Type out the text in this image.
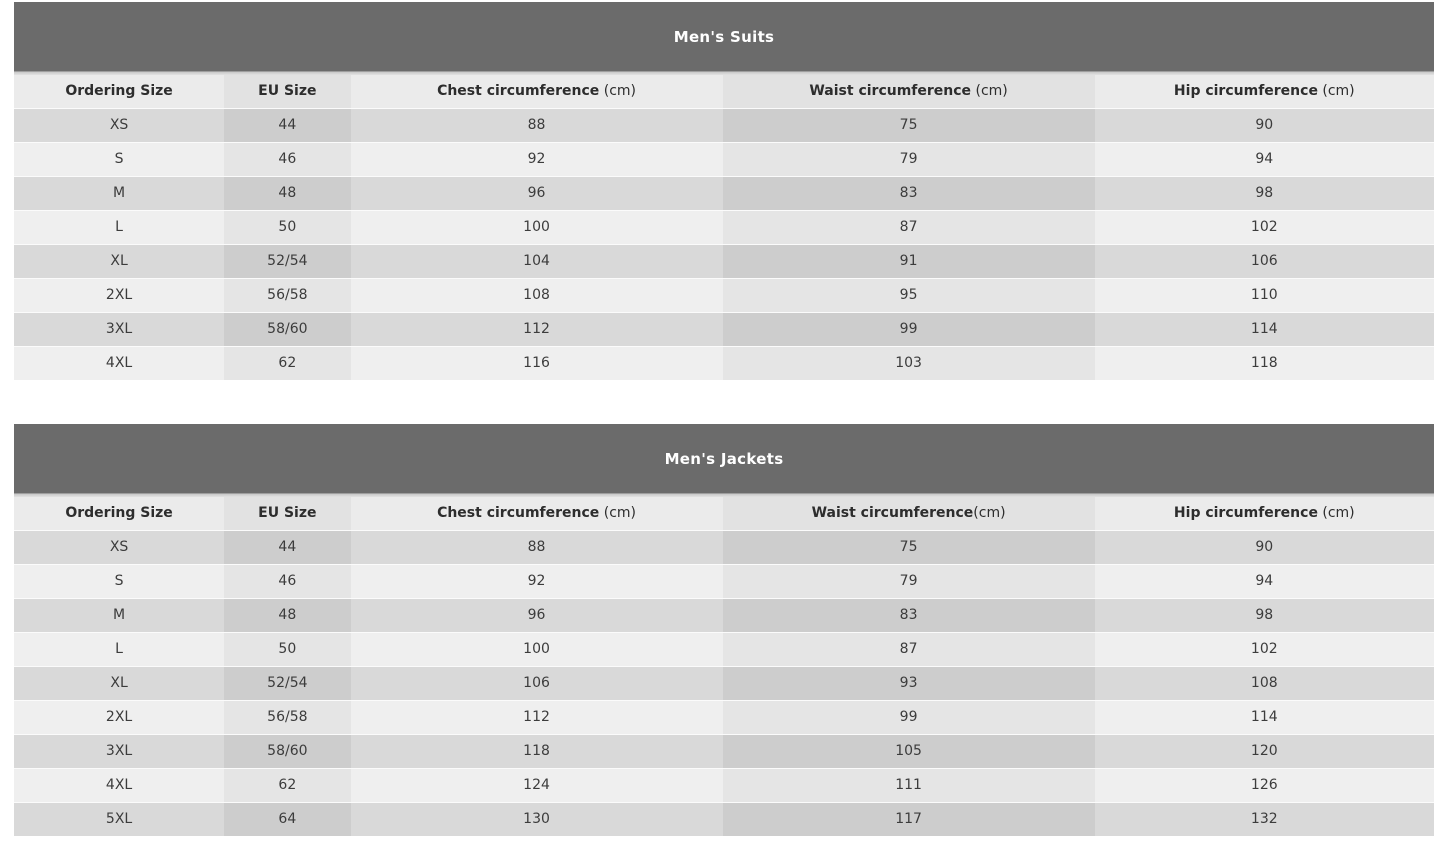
Men's Suits
Ordering Size	EU Size	Chest circumference (cm)	Waist circumference (cm)	Hip circumference (cm)
XS	44	88	75	90
S	46	92	79	94
M	48	96	83	98
L	50	100	87	102
XL	52/54	104	91	106
2XL	56/58	108	95	110
3XL	58/60	112	99	114
4XL	62	116	103	118
Men's Jackets
Ordering Size	EU Size	Chest circumference (cm)	Waist circumference(cm)	Hip circumference (cm)
XS	44	88	75	90
S	46	92	79	94
M	48	96	83	98
L	50	100	87	102
XL	52/54	106	93	108
2XL	56/58	112	99	114
3XL	58/60	118	105	120
4XL	62	124	111	126
5XL	64	130	117	132
